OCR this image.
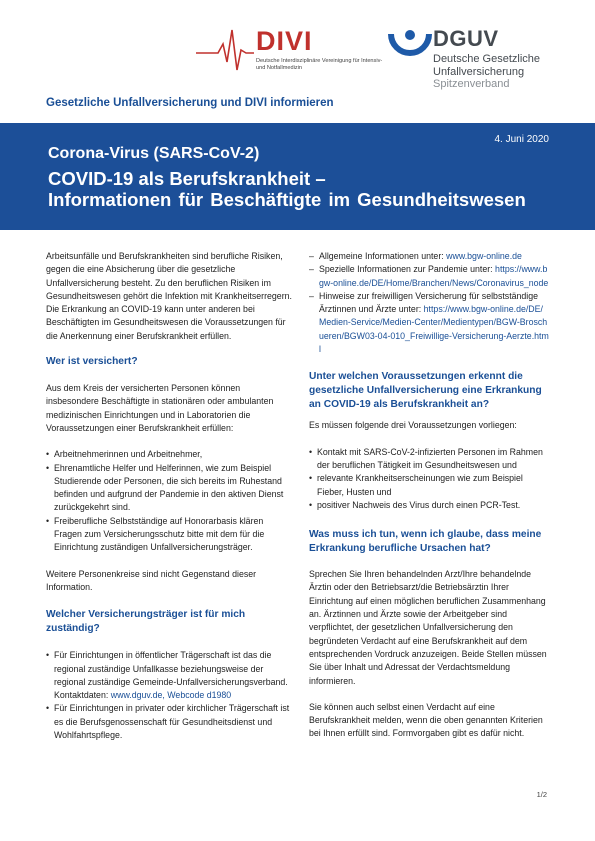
DIVI
Deutsche Interdisziplinäre Vereinigung für Intensiv- und Notfallmedizin
DGUV
Deutsche Gesetzliche
Unfallversicherung
Spitzenverband
Gesetzliche Unfallversicherung und DIVI informieren
4. Juni 2020
Corona-Virus (SARS-CoV-2)
COVID-19 als Berufskrankheit –
Informationen für Beschäftigte im Gesundheitswesen

Arbeitsunfälle und Berufskrankheiten sind berufliche Risiken, gegen die eine Absicherung über die gesetzliche Unfallversicherung besteht. Zu den beruflichen Risiken im Gesundheitswesen gehört die Infektion mit Krankheitserregern. Die Erkrankung an COVID-19 kann unter anderen bei Beschäftigten im Gesundheitswesen die Voraussetzungen für die Anerkennung einer Berufskrankheit erfüllen.

Wer ist versichert?

Aus dem Kreis der versicherten Personen können insbesondere Beschäftigte in stationären oder ambulanten medizinischen Einrichtungen und in Laboratorien die Voraussetzungen einer Berufskrankheit erfüllen:

• Arbeitnehmerinnen und Arbeitnehmer,
• Ehrenamtliche Helfer und Helferinnen, wie zum Beispiel Studierende oder Personen, die sich bereits im Ruhestand befinden und aufgrund der Pandemie in den aktiven Dienst zurückgekehrt sind.
• Freiberufliche Selbstständige auf Honorarbasis klären Fragen zum Versicherungsschutz bitte mit dem für die Einrichtung zuständigen Unfallversicherungsträger.

Weitere Personenkreise sind nicht Gegenstand dieser Information.

Welcher Versicherungsträger ist für mich zuständig?

• Für Einrichtungen in öffentlicher Trägerschaft ist das die regional zuständige Unfallkasse beziehungsweise der regional zuständige Gemeinde-Unfallversicherungsverband. Kontaktdaten: www.dguv.de, Webcode d1980
• Für Einrichtungen in privater oder kirchlicher Trägerschaft ist es die Berufsgenossenschaft für Gesundheitsdienst und Wohlfahrtspflege.
– Allgemeine Informationen unter: www.bgw-online.de
– Spezielle Informationen zur Pandemie unter: https://www.bgw-online.de/DE/Home/Branchen/News/Coronavirus_node
– Hinweise zur freiwilligen Versicherung für selbstständige Ärztinnen und Ärzte unter: https://www.bgw-online.de/DE/Medien-Service/Medien-Center/Medientypen/BGW-Broschueren/BGW03-04-010_Freiwillige-Versicherung-Aerzte.html

Unter welchen Voraussetzungen erkennt die gesetzliche Unfallversicherung eine Erkrankung an COVID-19 als Berufskrankheit an?

Es müssen folgende drei Voraussetzungen vorliegen:

• Kontakt mit SARS-CoV-2-infizierten Personen im Rahmen der beruflichen Tätigkeit im Gesundheitswesen und
• relevante Krankheitserscheinungen wie zum Beispiel Fieber, Husten und
• positiver Nachweis des Virus durch einen PCR-Test.

Was muss ich tun, wenn ich glaube, dass meine Erkrankung berufliche Ursachen hat?

Sprechen Sie Ihren behandelnden Arzt/Ihre behandelnde Ärztin oder den Betriebsarzt/die Betriebsärztin Ihrer Einrichtung auf einen möglichen beruflichen Zusammenhang an. Ärztinnen und Ärzte sowie der Arbeitgeber sind verpflichtet, der gesetzlichen Unfallversicherung den begründeten Verdacht auf eine Berufskrankheit auf dem entsprechenden Vordruck anzuzeigen. Beide Stellen müssen Sie über Inhalt und Adressat der Verdachtsmeldung informieren.

Sie können auch selbst einen Verdacht auf eine Berufskrankheit melden, wenn die oben genannten Kriterien bei Ihnen erfüllt sind. Formvorgaben gibt es dafür nicht.

1/2
